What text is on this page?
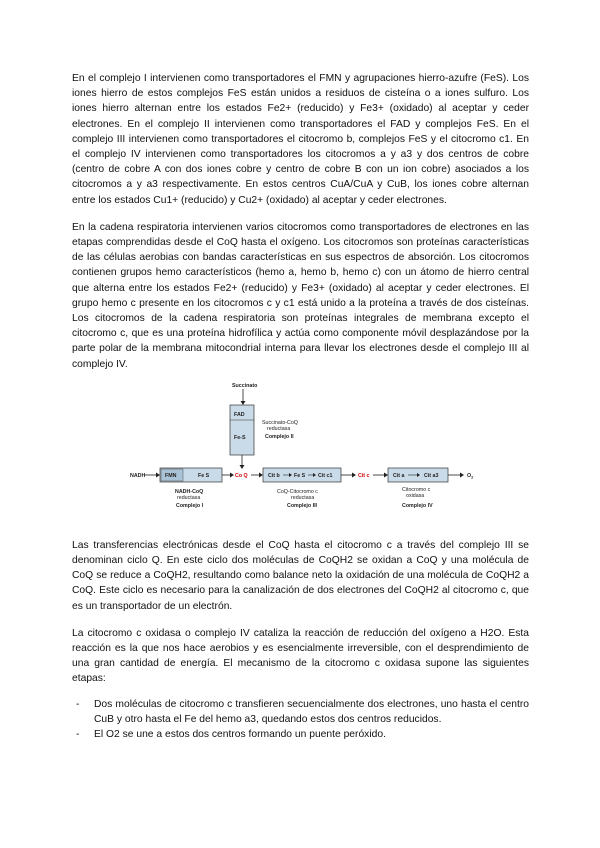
En el complejo I intervienen como transportadores el FMN y agrupaciones hierro-azufre (FeS). Los iones hierro de estos complejos FeS están unidos a residuos de cisteína o a iones sulfuro. Los iones hierro alternan entre los estados Fe2+ (reducido) y Fe3+ (oxidado) al aceptar y ceder electrones. En el complejo II intervienen como transportadores el FAD y complejos FeS. En el complejo III intervienen como transportadores el citocromo b, complejos FeS y el citocromo c1. En el complejo IV intervienen como transportadores los citocromos a y a3 y dos centros de cobre (centro de cobre A con dos iones cobre y centro de cobre B con un ion cobre) asociados a los citocromos a y a3 respectivamente. En estos centros CuA/CuA y CuB, los iones cobre alternan entre los estados Cu1+ (reducido) y Cu2+ (oxidado) al aceptar y ceder electrones.

En la cadena respiratoria intervienen varios citocromos como transportadores de electrones en las etapas comprendidas desde el CoQ hasta el oxígeno. Los citocromos son proteínas características de las células aerobias con bandas características en sus espectros de absorción. Los citocromos contienen grupos hemo característicos (hemo a, hemo b, hemo c) con un átomo de hierro central que alterna entre los estados Fe2+ (reducido) y Fe3+ (oxidado) al aceptar y ceder electrones. El grupo hemo c presente en los citocromos c y c1 está unido a la proteína a través de dos cisteínas. Los citocromos de la cadena respiratoria son proteínas integrales de membrana excepto el citocromo c, que es una proteína hidrofílica y actúa como componente móvil desplazándose por la parte polar de la membrana mitocondrial interna para llevar los electrones desde el complejo III al complejo IV.

Succinato
FAD
Fe-S
Succinato-CoQ
reductasa
Complejo II
NADH	FMN	Fe S
NADH-CoQ
reductasa
Complejo I
Co Q	Cit b	Fe S Cit c1
CoQ-Citocromo c
reductasa
Complejo III
Cit c	Cit a	Cit a3
Citocromo c
oxidasa
Complejo IV
$O_2$

Las transferencias electrónicas desde el CoQ hasta el citocromo c a través del complejo III se denominan ciclo Q. En este ciclo dos moléculas de CoQH2 se oxidan a CoQ y una molécula de CoQ se reduce a CoQH2, resultando como balance neto la oxidación de una molécula de CoQH2 a CoQ. Este ciclo es necesario para la canalización de dos electrones del CoQH2 al citocromo c, que es un transportador de un electrón.

La citocromo c oxidasa o complejo IV cataliza la reacción de reducción del oxígeno a H2O. Esta reacción es la que nos hace aerobios y es esencialmente irreversible, con el desprendimiento de una gran cantidad de energía. El mecanismo de la citocromo c oxidasa supone las siguientes etapas:

- Dos moléculas de citocromo c transfieren secuencialmente dos electrones, uno hasta el centro CuB y otro hasta el Fe del hemo a3, quedando estos dos centros reducidos.
- El O2 se une a estos dos centros formando un puente peróxido.
